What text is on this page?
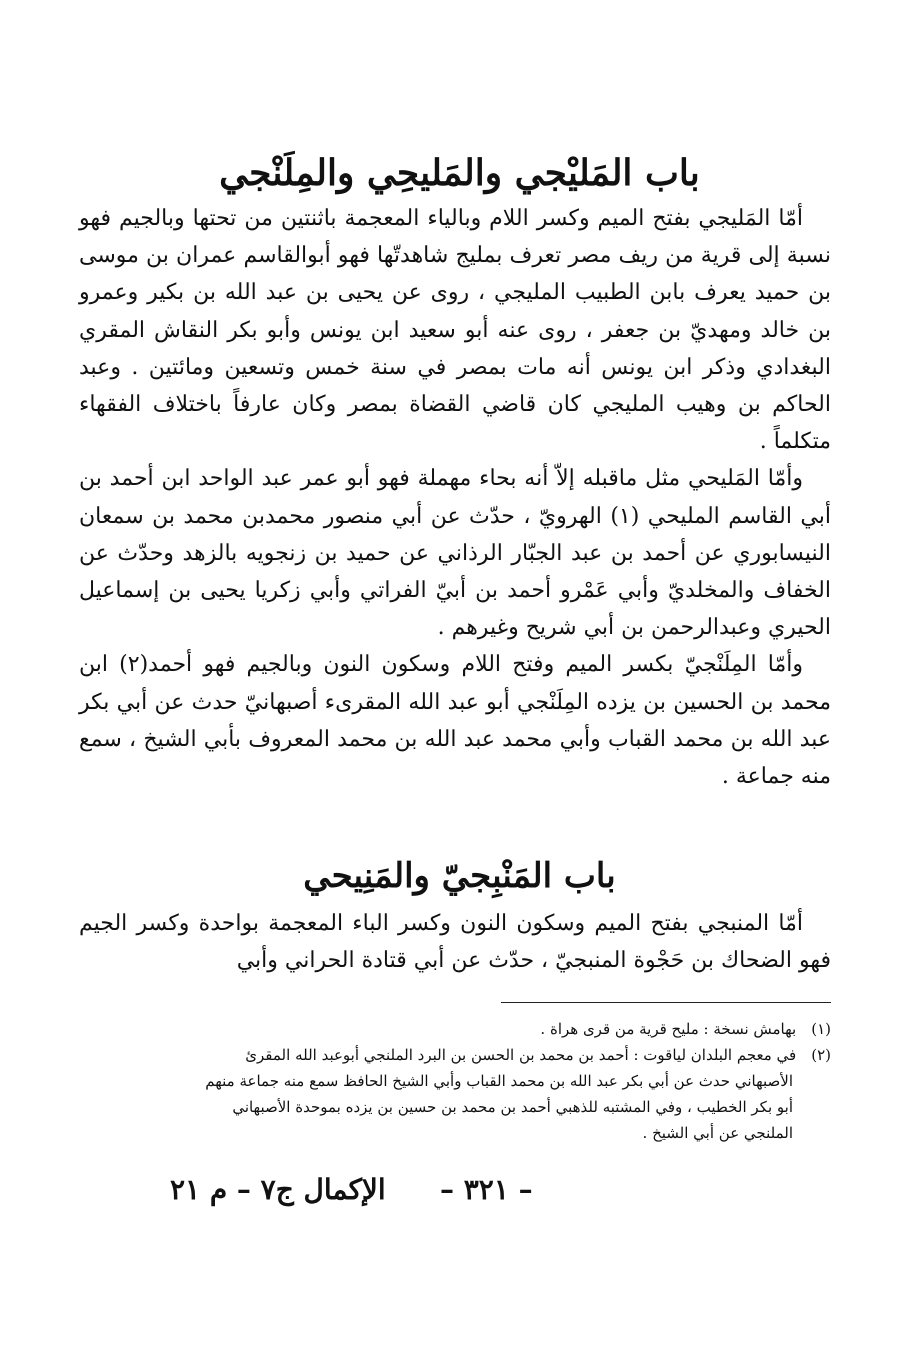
باب المَليْجي والمَليحِي والمِلَنْجي

أمّا المَليجي بفتح الميم وكسر اللام وبالياء المعجمة باثنتين من تحتها وبالجيم فهو نسبة إلى قرية من ريف مصر تعرف بمليج شاهدتّها فهو أبوالقاسم عمران بن موسى بن حميد يعرف بابن الطبيب المليجي ، روى عن يحيى بن عبد الله بن بكير وعمرو بن خالد ومهديّ بن جعفر ، روى عنه أبو سعيد ابن يونس وأبو بكر النقاش المقري البغدادي وذكر ابن يونس أنه مات بمصر في سنة خمس وتسعين ومائتين . وعبد الحاكم بن وهيب المليجي كان قاضي القضاة بمصر وكان عارفاً باختلاف الفقهاء متكلماً .

وأمّا المَليحي مثل ماقبله إلاّ أنه بحاء مهملة فهو أبو عمر عبد الواحد ابن أحمد بن أبي القاسم المليحي (١) الهرويّ ، حدّث عن أبي منصور محمدبن محمد بن سمعان النيسابوري عن أحمد بن عبد الجبّار الرذاني عن حميد بن زنجويه بالزهد وحدّث عن الخفاف والمخلديّ وأبي عَمْرو أحمد بن أبيّ الفراتي وأبي زكريا يحيى بن إسماعيل الحيري وعبدالرحمن بن أبي شريح وغيرهم .

وأمّا المِلَنْجيّ بكسر الميم وفتح اللام وسكون النون وبالجيم فهو أحمد(٢) ابن محمد بن الحسين بن يزده المِلَنْجي أبو عبد الله المقرىء أصبهانيّ حدث عن أبي بكر عبد الله بن محمد القباب وأبي محمد عبد الله بن محمد المعروف بأبي الشيخ ، سمع منه جماعة .

باب المَنْبِجيّ والمَنِيحي

أمّا المنبجي بفتح الميم وسكون النون وكسر الباء المعجمة بواحدة وكسر الجيم فهو الضحاك بن حَجْوة المنبجيّ ، حدّث عن أبي قتادة الحراني وأبي

(١) بهامش نسخة : مليح قرية من قرى هراة .

(٢) في معجم البلدان لياقوت : أحمد بن محمد بن الحسن بن البرد الملنجي أبوعبد الله المقرئ

الأصبهاني حدث عن أبي بكر عبد الله بن محمد القباب وأبي الشيخ الحافظ سمع منه جماعة منهم

أبو بكر الخطيب ، وفي المشتبه للذهبي أحمد بن محمد بن حسين بن يزده بموحدة الأصبهاني

الملنجي عن أبي الشيخ .

الإكمال ج٧ – م ٢١ – ٣٢١ –
